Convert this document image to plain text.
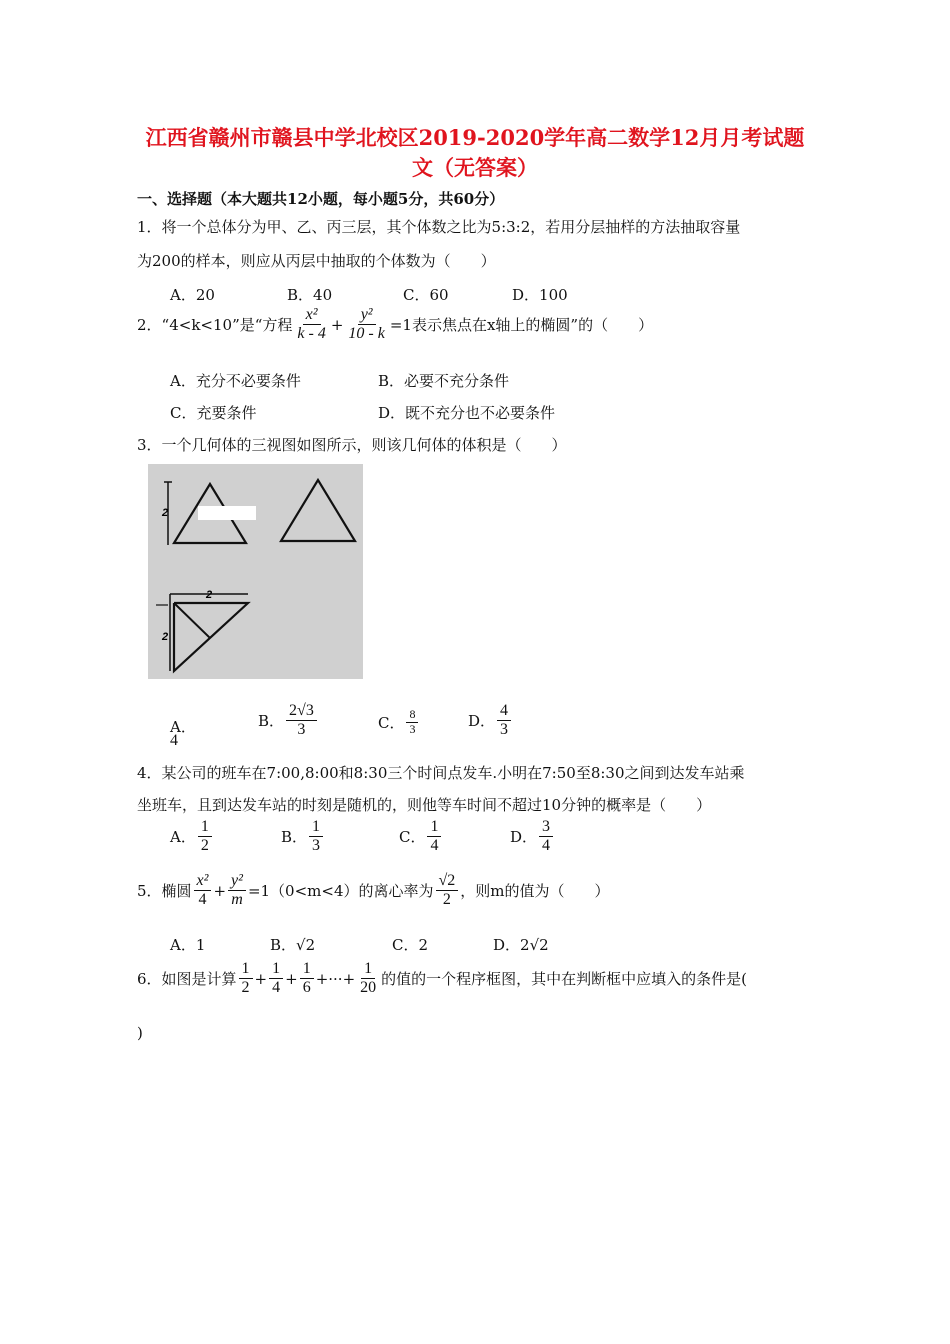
江西省赣州市赣县中学北校区2019-2020学年高二数学12月月考试题
文（无答案）
一、选择题（本大题共12小题，每小题5分，共60分）
1．将一个总体分为甲、乙、丙三层，其个体数之比为5:3:2，若用分层抽样的方法抽取容量
为200的样本，则应从丙层中抽取的个体数为（　　）
A．20	B．40	C．60	D．100
2．“4<k<10”是“方程 $\frac{\text{x²}}{k - 4} + \frac{\text{y²}}{10 - k} =1$表示焦点在x轴上的椭圆”的（　　）
A．充分不必要条件	B．必要不充分条件
C．充要条件	D．既不充分也不必要条件
3．一个几何体的三视图如图所示，则该几何体的体积是（　　）
2
2
2
A．
4
B． $\frac{2√3}{3}$	C． $\frac{8}{3}$	D． $\frac{4}{3}$
4．某公司的班车在7:00,8:00和8:30三个时间点发车.小明在7:50至8:30之间到达发车站乘
坐班车，且到达发车站的时刻是随机的，则他等车时间不超过10分钟的概率是（　　）
A． $\frac{1}{2}$	B． $\frac{1}{3}$	C． $\frac{1}{4}$	D． $\frac{3}{4}$
5．椭圆 $\frac{\text{x²}}{4} + \frac{\text{y²}}{m} =1(0<m<4)$的离心率为 $\frac{√2}{2}$ ，则m的值为（　　）
A．1	B．√2	C．2	D．2√2
6．如图是计算 $\frac{1}{2} + \frac{1}{4} + \frac{1}{6}$ +···+ $\frac{1}{20}$ 的值的一个程序框图，其中在判断框中应填入的条件是(
)
